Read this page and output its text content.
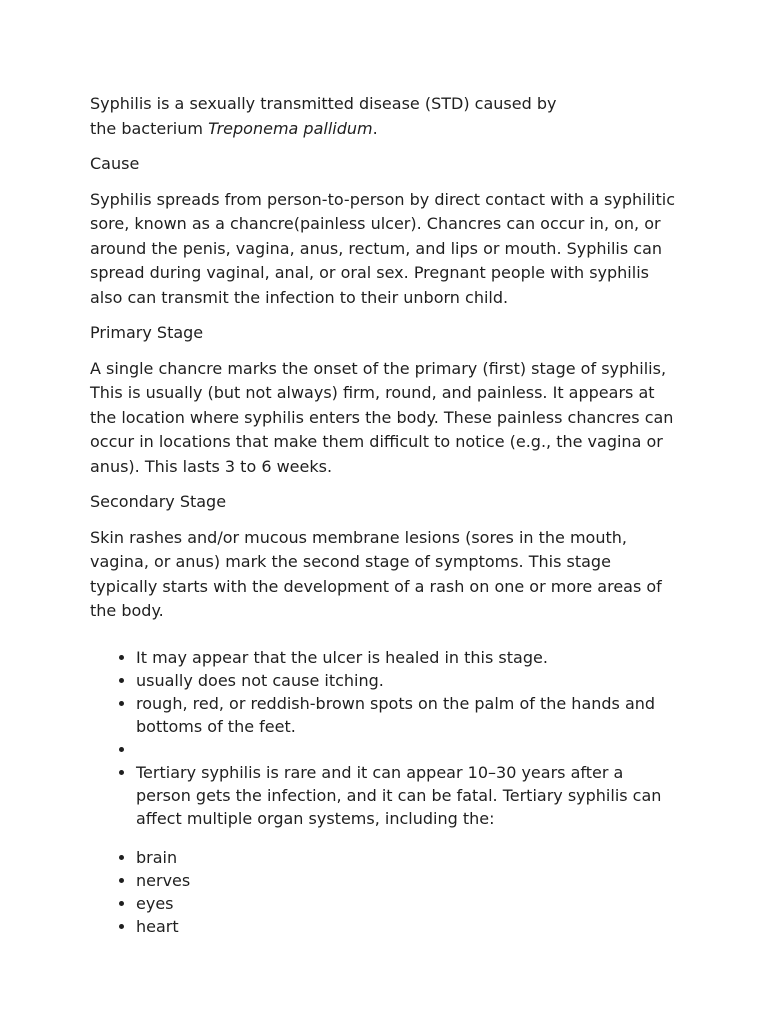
Syphilis is a sexually transmitted disease (STD) caused by the bacterium Treponema pallidum.

Cause

Syphilis spreads from person-to-person by direct contact with a syphilitic sore, known as a chancre(painless ulcer). Chancres can occur in, on, or around the penis, vagina, anus, rectum, and lips or mouth. Syphilis can spread during vaginal, anal, or oral sex. Pregnant people with syphilis also can transmit the infection to their unborn child.

Primary Stage

A single chancre marks the onset of the primary (first) stage of syphilis, This is usually (but not always) firm, round, and painless. It appears at the location where syphilis enters the body. These painless chancres can occur in locations that make them difficult to notice (e.g., the vagina or anus). This lasts 3 to 6 weeks.

Secondary Stage

Skin rashes and/or mucous membrane lesions (sores in the mouth, vagina, or anus) mark the second stage of symptoms. This stage typically starts with the development of a rash on one or more areas of the body.

• It may appear that the ulcer is healed in this stage.
• usually does not cause itching.
• rough, red, or reddish-brown spots on the palm of the hands and bottoms of the feet.
•
• Tertiary syphilis is rare and it can appear 10–30 years after a person gets the infection, and it can be fatal. Tertiary syphilis can affect multiple organ systems, including the:
• brain
• nerves
• eyes
• heart
